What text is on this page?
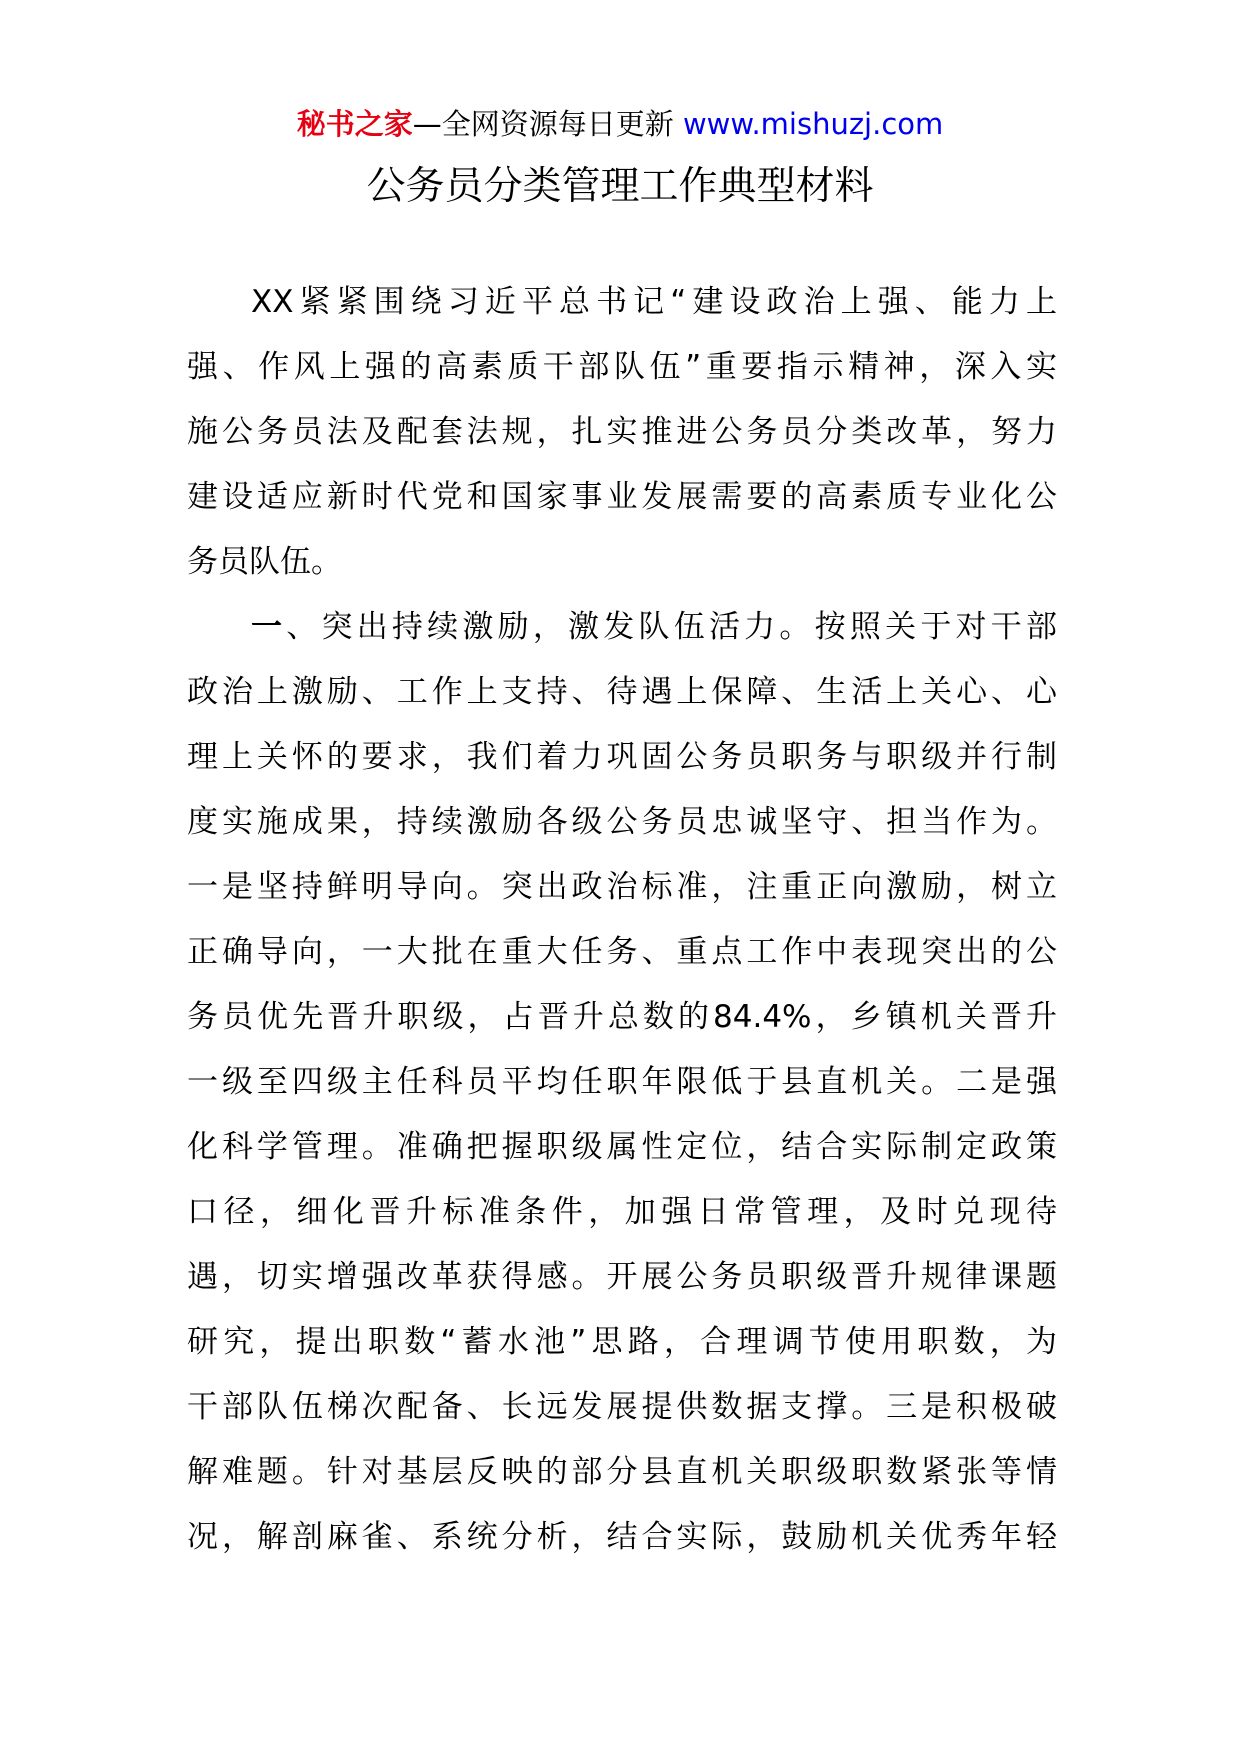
秘书之家—全网资源每日更新 www.mishuzj.com
公务员分类管理工作典型材料

XX紧紧围绕习近平总书记“建设政治上强、能力上

强、作风上强的高素质干部队伍”重要指示精神，深入实

施公务员法及配套法规，扎实推进公务员分类改革，努力

建设适应新时代党和国家事业发展需要的高素质专业化公

务员队伍。

一、突出持续激励，激发队伍活力。按照关于对干部

政治上激励、工作上支持、待遇上保障、生活上关心、心

理上关怀的要求，我们着力巩固公务员职务与职级并行制

度实施成果，持续激励各级公务员忠诚坚守、担当作为。

一是坚持鲜明导向。突出政治标准，注重正向激励，树立

正确导向，一大批在重大任务、重点工作中表现突出的公

务员优先晋升职级，占晋升总数的84.4%，乡镇机关晋升

一级至四级主任科员平均任职年限低于县直机关。二是强

化科学管理。准确把握职级属性定位，结合实际制定政策

口径，细化晋升标准条件，加强日常管理，及时兑现待

遇，切实增强改革获得感。开展公务员职级晋升规律课题

研究，提出职数“蓄水池”思路，合理调节使用职数，为

干部队伍梯次配备、长远发展提供数据支撑。三是积极破

解难题。针对基层反映的部分县直机关职级职数紧张等情

况，解剖麻雀、系统分析，结合实际，鼓励机关优秀年轻
